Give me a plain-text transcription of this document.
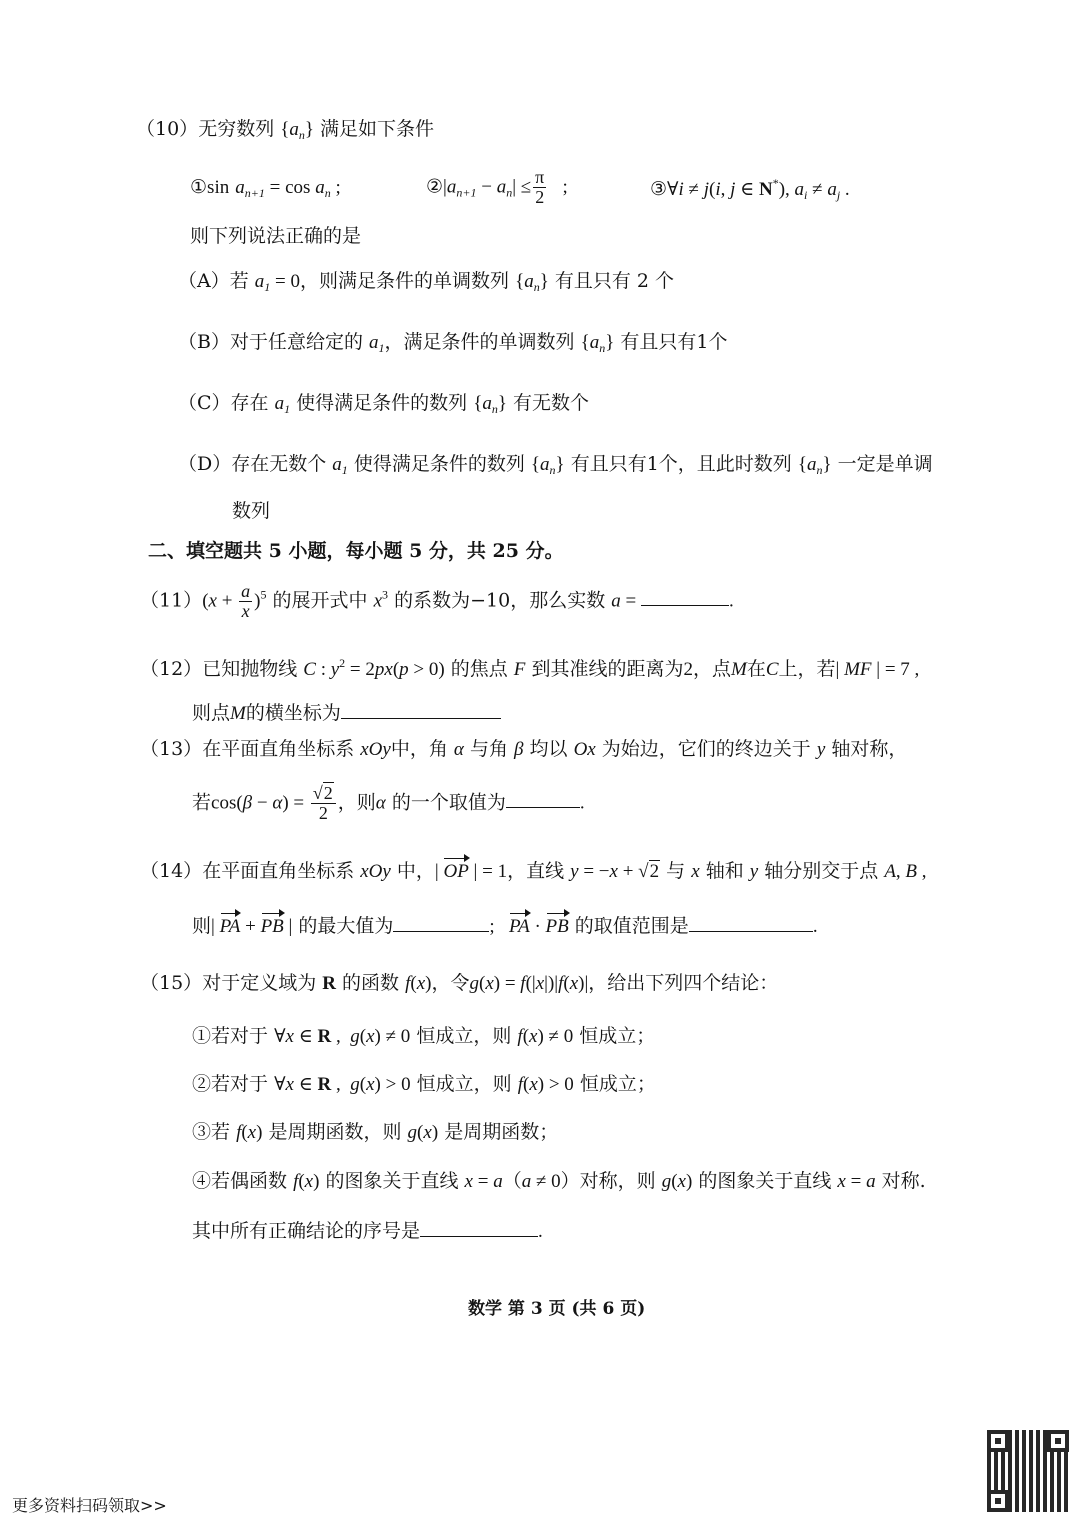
（10）无穷数列 $\{a_n\}$ 满足如下条件
①sin $a_{n+1} = \cos a_n$ ;	$②|a_{n+1} - a_n| \le \frac{\pi}{2}$ ;	③∀i ≠ j(i, j ∈ N*), $a_i \ne a_j$ .
则下列说法正确的是
（A）若 $a_1 = 0$，则满足条件的单调数列 $\{a_n\}$ 有且只有 2 个
（B）对于任意给定的 $a_1$，满足条件的单调数列 $\{a_n\}$ 有且只有1个
（C）存在 $a_1$ 使得满足条件的数列 $\{a_n\}$ 有无数个
（D）存在无数个 $a_1$ 使得满足条件的数列 $\{a_n\}$ 有且只有1个，且此时数列 $\{a_n\}$ 一定是单调
数列
二、填空题共 5 小题，每小题 5 分，共 25 分。
$(11)(x + \frac{a}{x} )^5$ 的展开式中 $x^3$ 的系数为−10，那么实数 a =	.
（12）已知抛物线 C : $y^2 = 2px(p > 0)$ 的焦点 F 到其准线的距离为2，点M在C上，若| MF | = 7 ,
则点M的横坐标为
（13）在平面直角坐标系 xOy中，角 α 与角 β 均以 Ox 为始边，它们的终边关于 y 轴对称，
若$\cos(\beta - \alpha) = \frac{√2}{2}$ ，则α 的一个取值为	.
（14）在平面直角坐标系 xOy 中，| OP | = 1，直线 y = −x + √2 与 x 轴和 y 轴分别交于点 A, B ,
则| PA + PB | 的最大值为	;   PA · PB 的取值范围是	.
（15）对于定义域为 R 的函数 f(x)，令g(x) = f(|x|)|f(x)|，给出下列四个结论：
①若对于 ∀x ∈ R ,  g(x) ≠ 0 恒成立，则 f(x) ≠ 0 恒成立；
②若对于 ∀x ∈ R ,  g(x) > 0 恒成立，则 f(x) > 0 恒成立；
③若 f(x) 是周期函数，则 g(x) 是周期函数；
④若偶函数 f(x) 的图象关于直线 x = a（a ≠ 0）对称，则 g(x) 的图象关于直线 x = a 对称.
其中所有正确结论的序号是	.
数学 第 3 页 (共 6 页)
更多资料扫码领取>>
